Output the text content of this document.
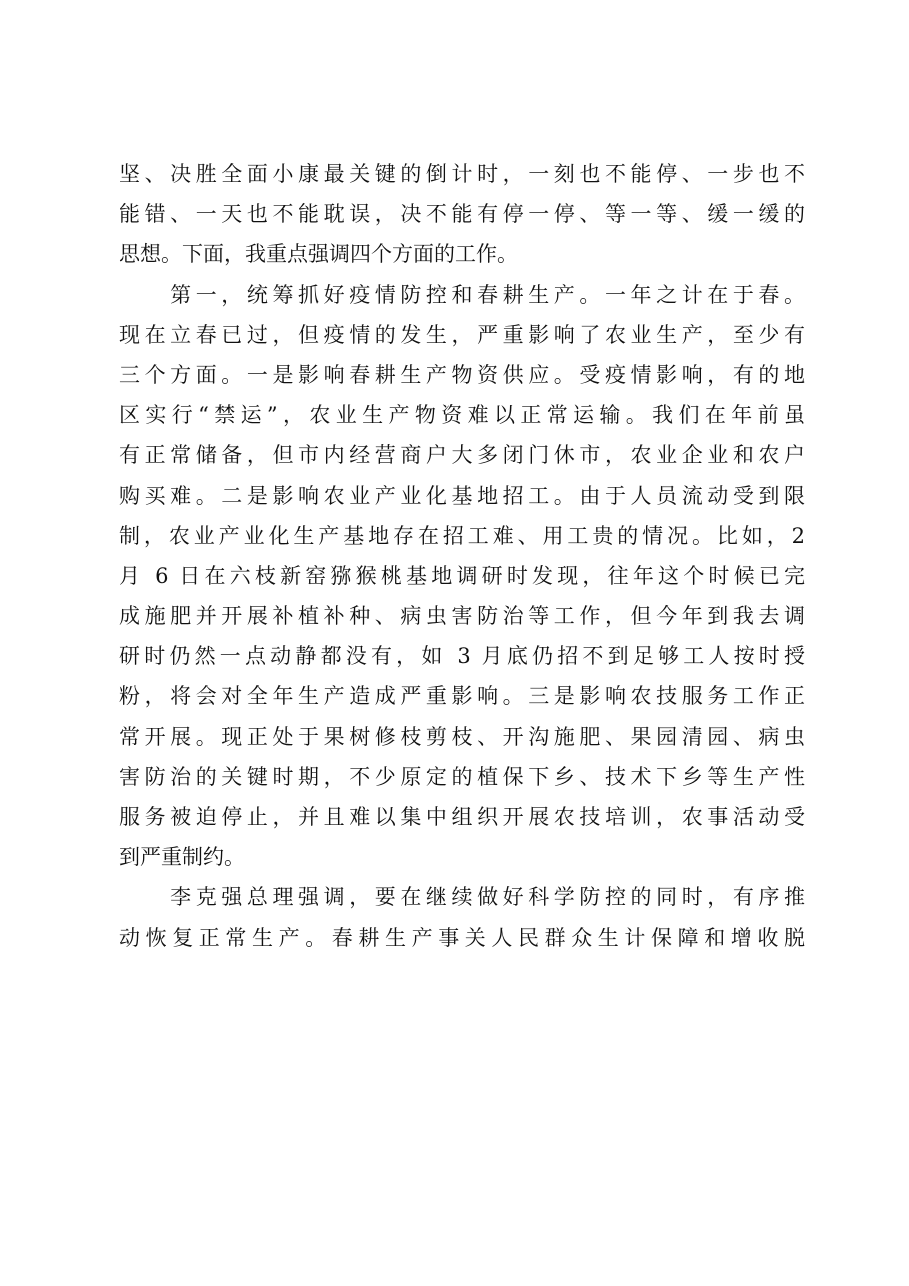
坚、决胜全面小康最关键的倒计时，一刻也不能停、一步也不
能错、一天也不能耽误，决不能有停一停、等一等、缓一缓的
思想。下面，我重点强调四个方面的工作。
　　第一，统筹抓好疫情防控和春耕生产。一年之计在于春。
现在立春已过，但疫情的发生，严重影响了农业生产，至少有
三个方面。一是影响春耕生产物资供应。受疫情影响，有的地
区实行“禁运”，农业生产物资难以正常运输。我们在年前虽
有正常储备，但市内经营商户大多闭门休市，农业企业和农户
购买难。二是影响农业产业化基地招工。由于人员流动受到限
制，农业产业化生产基地存在招工难、用工贵的情况。比如，2
月 6 日在六枝新窑猕猴桃基地调研时发现，往年这个时候已完
成施肥并开展补植补种、病虫害防治等工作，但今年到我去调
研时仍然一点动静都没有，如 3 月底仍招不到足够工人按时授
粉，将会对全年生产造成严重影响。三是影响农技服务工作正
常开展。现正处于果树修枝剪枝、开沟施肥、果园清园、病虫
害防治的关键时期，不少原定的植保下乡、技术下乡等生产性
服务被迫停止，并且难以集中组织开展农技培训，农事活动受
到严重制约。
　　李克强总理强调，要在继续做好科学防控的同时，有序推
动恢复正常生产。春耕生产事关人民群众生计保障和增收脱
